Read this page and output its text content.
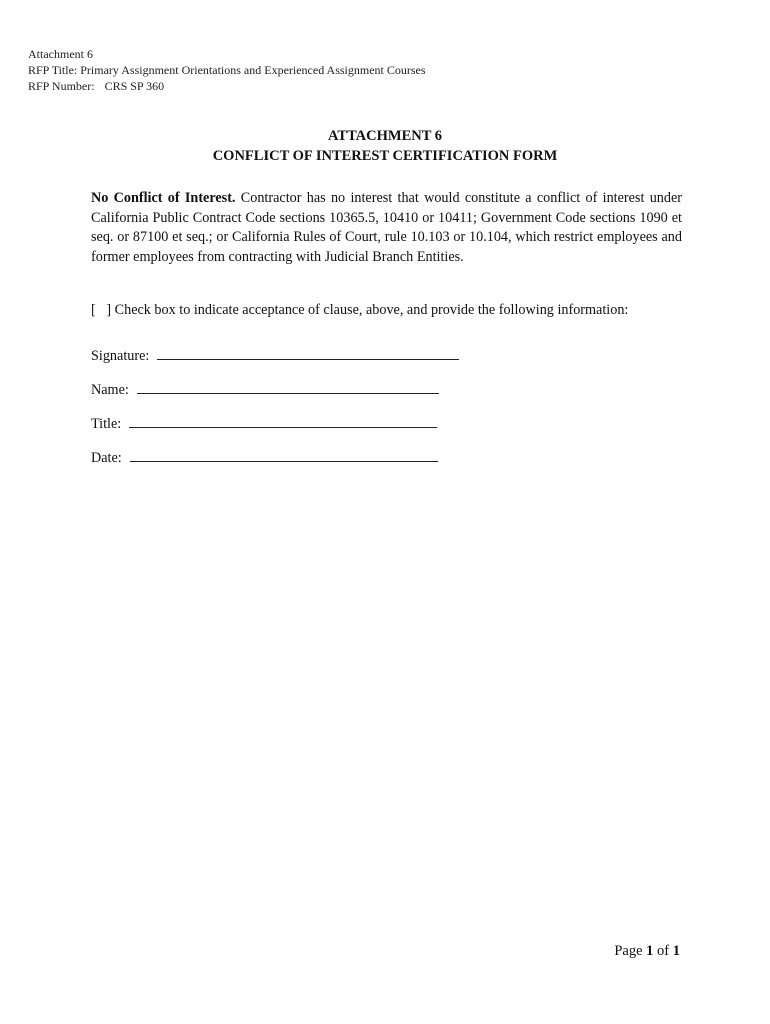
Attachment 6
RFP Title: Primary Assignment Orientations and Experienced Assignment Courses
RFP Number: CRS SP 360
ATTACHMENT 6
CONFLICT OF INTEREST CERTIFICATION FORM
No Conflict of Interest. Contractor has no interest that would constitute a conflict of interest under California Public Contract Code sections 10365.5, 10410 or 10411; Government Code sections 1090 et seq. or 87100 et seq.; or California Rules of Court, rule 10.103 or 10.104, which restrict employees and former employees from contracting with Judicial Branch Entities.
[   ] Check box to indicate acceptance of clause, above, and provide the following information:
Signature:
Name:
Title:
Date:
Page 1 of 1
